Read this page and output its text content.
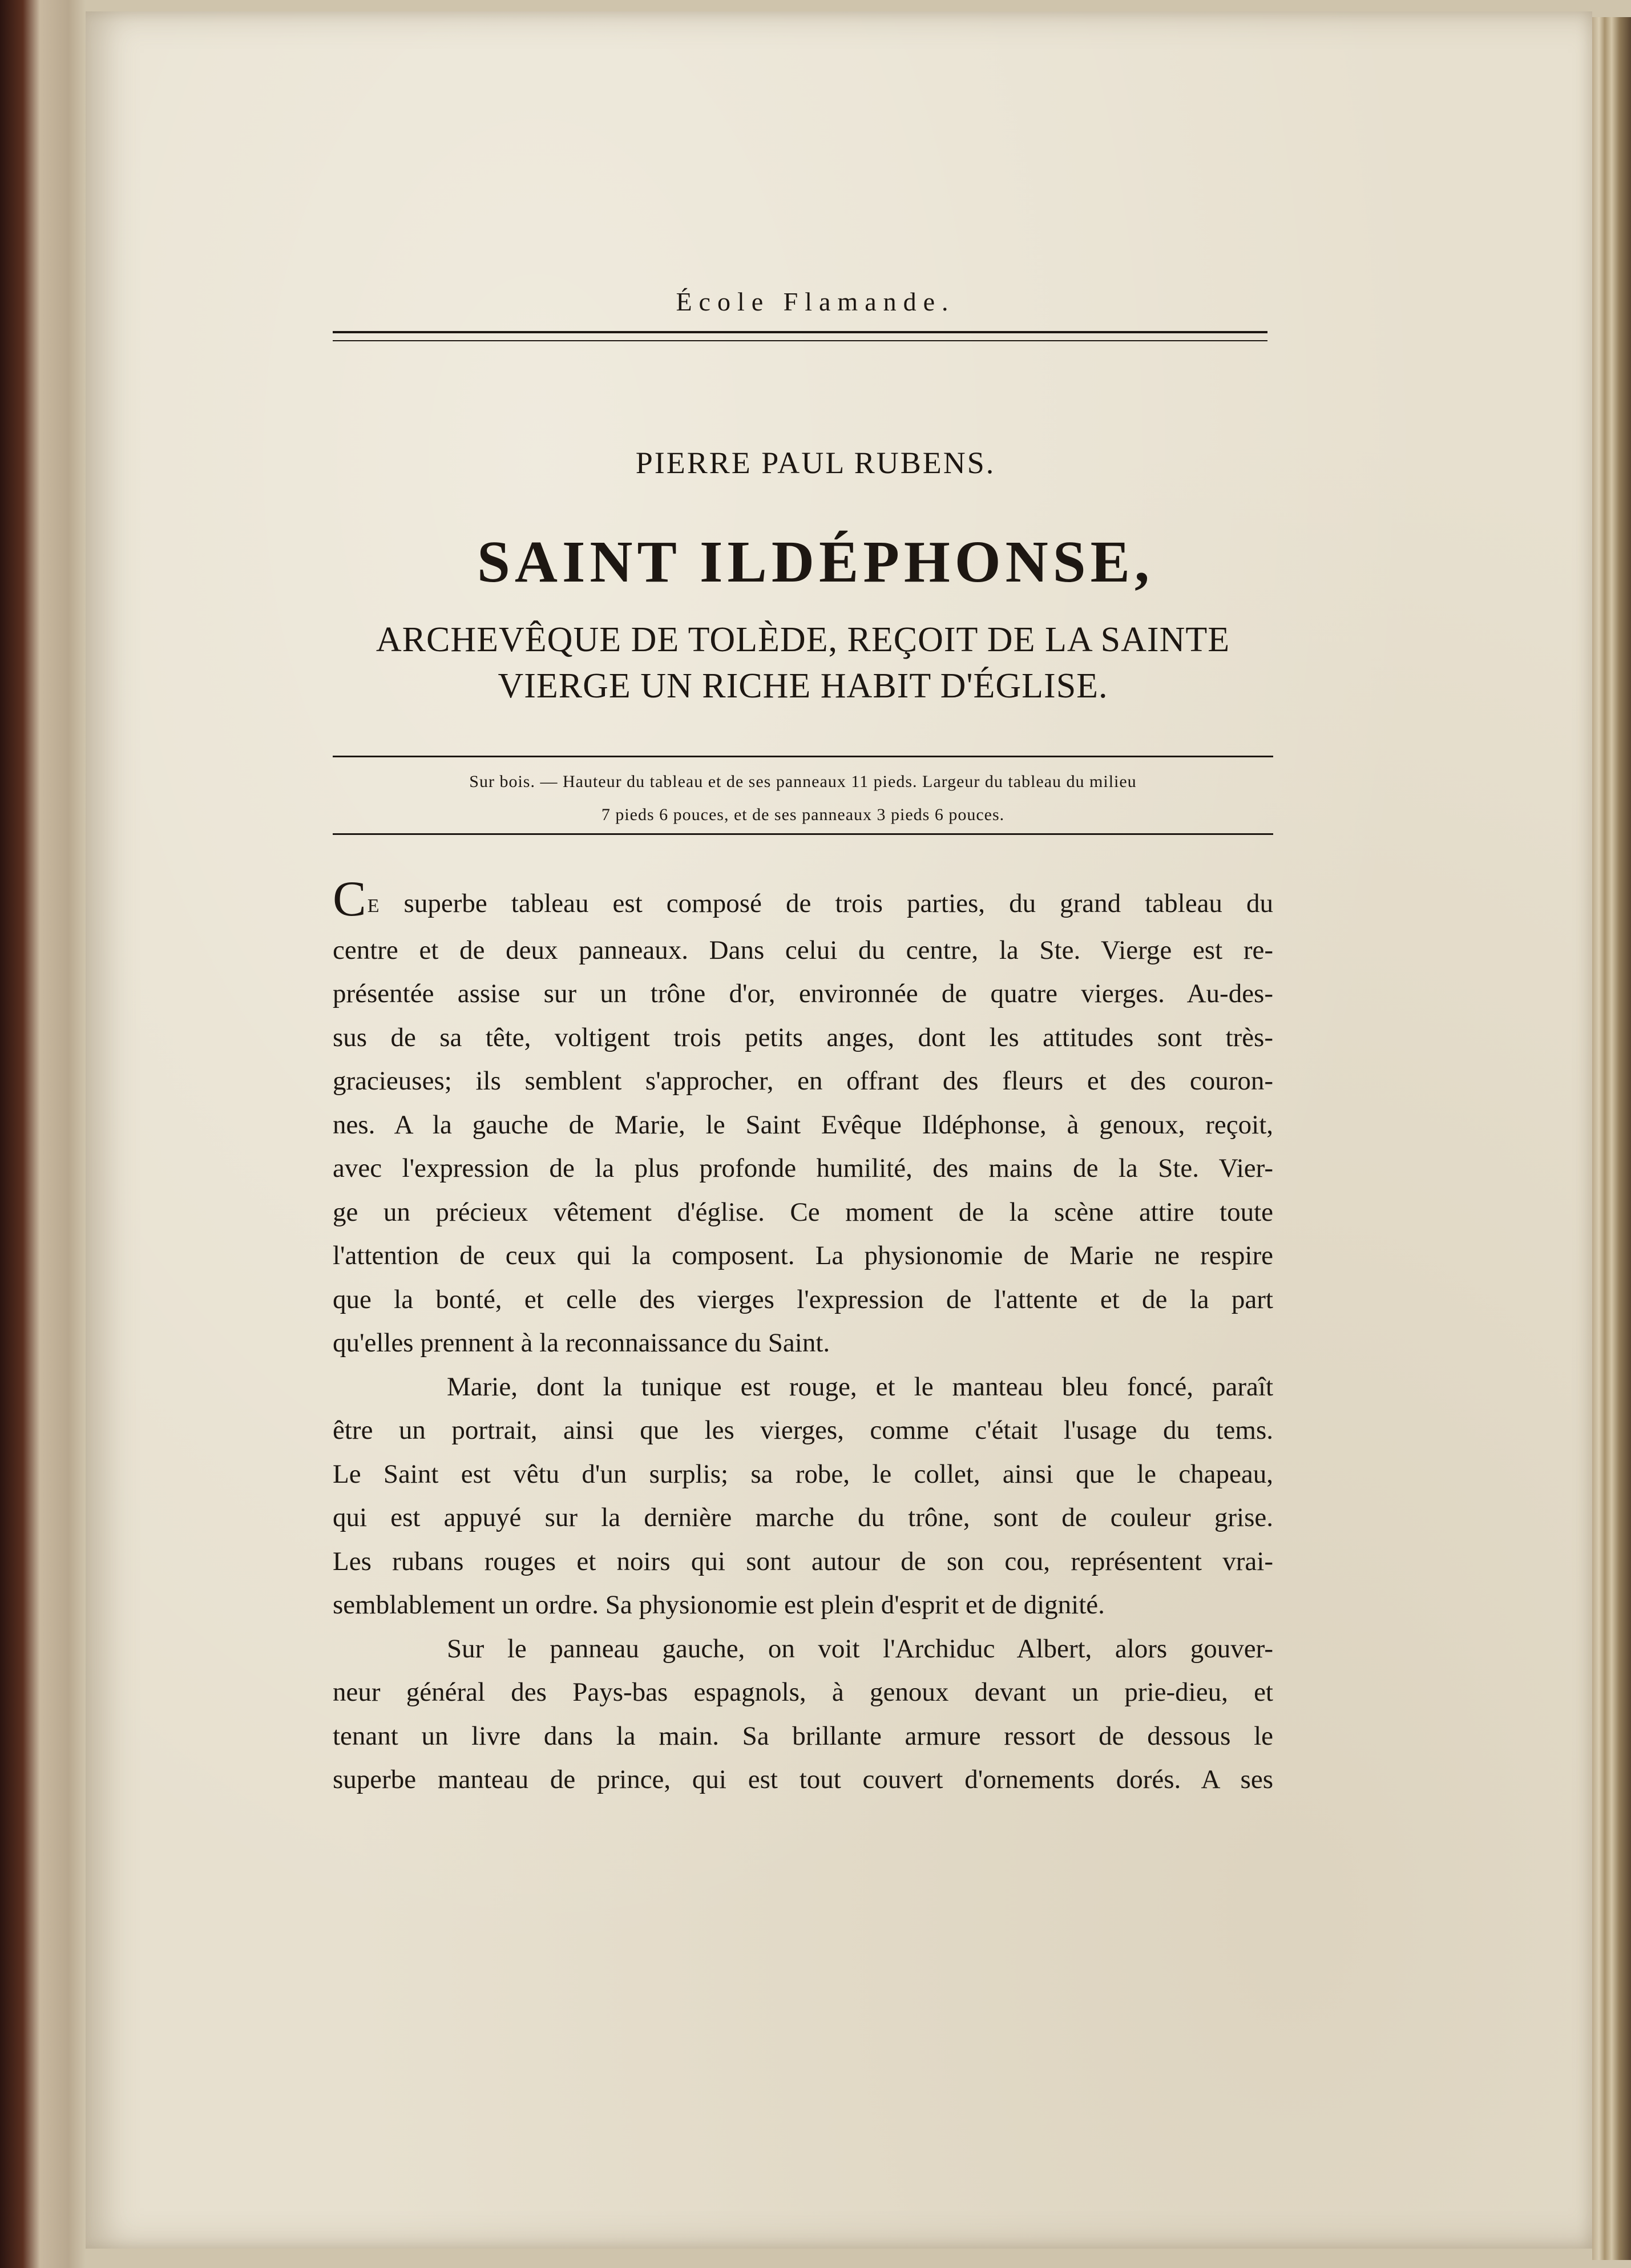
École Flamande.
PIERRE PAUL RUBENS.
SAINT ILDÉPHONSE,
ARCHEVÊQUE DE TOLÈDE, REÇOIT DE LA SAINTE
VIERGE UN RICHE HABIT D'ÉGLISE.
Sur bois. — Hauteur du tableau et de ses panneaux 11 pieds. Largeur du tableau du milieu
7 pieds 6 pouces, et de ses panneaux 3 pieds 6 pouces.

CE superbe tableau est composé de trois parties, du grand tableau du
centre et de deux panneaux. Dans celui du centre, la Ste. Vierge est re-
présentée assise sur un trône d'or, environnée de quatre vierges. Au-des-
sus de sa tête, voltigent trois petits anges, dont les attitudes sont très-
gracieuses; ils semblent s'approcher, en offrant des fleurs et des couron-
nes. A la gauche de Marie, le Saint Evêque Ildéphonse, à genoux, reçoit,
avec l'expression de la plus profonde humilité, des mains de la Ste. Vier-
ge un précieux vêtement d'église. Ce moment de la scène attire toute
l'attention de ceux qui la composent. La physionomie de Marie ne respire
que la bonté, et celle des vierges l'expression de l'attente et de la part
qu'elles prennent à la reconnaissance du Saint.

Marie, dont la tunique est rouge, et le manteau bleu foncé, paraît
être un portrait, ainsi que les vierges, comme c'était l'usage du tems.
Le Saint est vêtu d'un surplis; sa robe, le collet, ainsi que le chapeau,
qui est appuyé sur la dernière marche du trône, sont de couleur grise.
Les rubans rouges et noirs qui sont autour de son cou, représentent vrai-
semblablement un ordre. Sa physionomie est plein d'esprit et de dignité.

Sur le panneau gauche, on voit l'Archiduc Albert, alors gouver-
neur général des Pays-bas espagnols, à genoux devant un prie-dieu, et
tenant un livre dans la main. Sa brillante armure ressort de dessous le
superbe manteau de prince, qui est tout couvert d'ornements dorés. A ses
